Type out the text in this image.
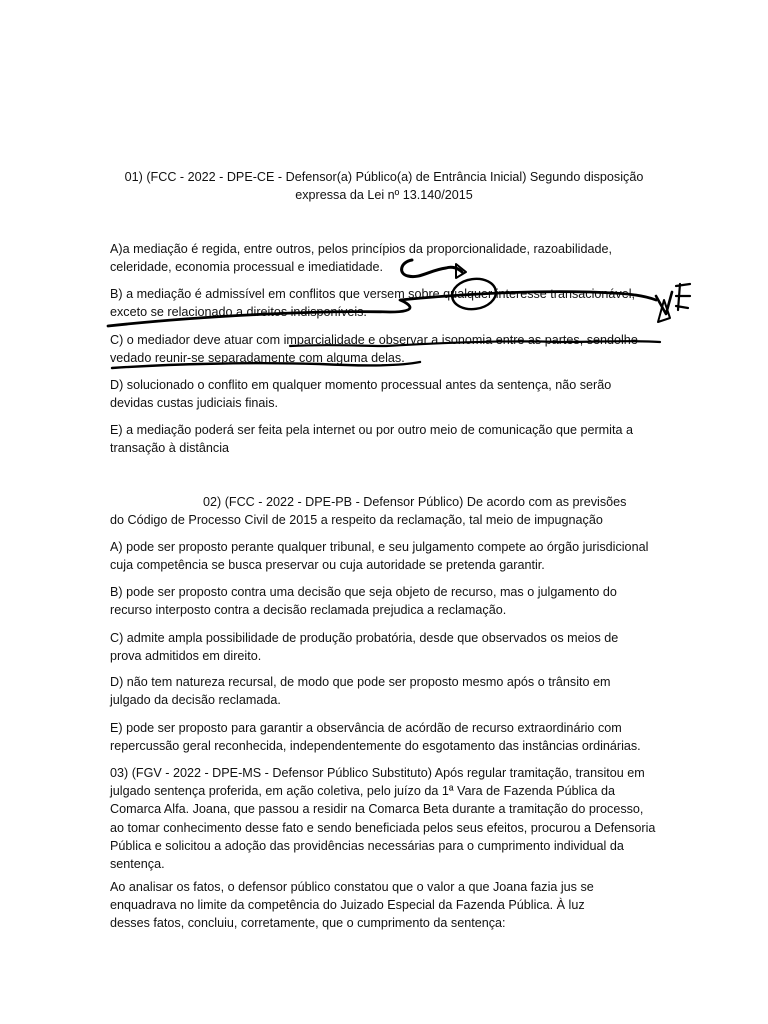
01) (FCC - 2022 - DPE-CE - Defensor(a) Público(a) de Entrância Inicial) Segundo disposição expressa da Lei nº 13.140/2015

A)a mediação é regida, entre outros, pelos princípios da proporcionalidade, razoabilidade, celeridade, economia processual e imediatidade.

B) a mediação é admissível em conflitos que versem sobre qualquer interesse transacionável, exceto se relacionado a direitos indisponíveis.

C) o mediador deve atuar com imparcialidade e observar a isonomia entre as partes, sendolhe vedado reunir-se separadamente com alguma delas.

D) solucionado o conflito em qualquer momento processual antes da sentença, não serão devidas custas judiciais finais.

E) a mediação poderá ser feita pela internet ou por outro meio de comunicação que permita a transação à distância

02) (FCC - 2022 - DPE-PB - Defensor Público) De acordo com as previsões do Código de Processo Civil de 2015 a respeito da reclamação, tal meio de impugnação

A) pode ser proposto perante qualquer tribunal, e seu julgamento compete ao órgão jurisdicional cuja competência se busca preservar ou cuja autoridade se pretenda garantir.

B) pode ser proposto contra uma decisão que seja objeto de recurso, mas o julgamento do recurso interposto contra a decisão reclamada prejudica a reclamação.

C) admite ampla possibilidade de produção probatória, desde que observados os meios de prova admitidos em direito.

D) não tem natureza recursal, de modo que pode ser proposto mesmo após o trânsito em julgado da decisão reclamada.

E) pode ser proposto para garantir a observância de acórdão de recurso extraordinário com repercussão geral reconhecida, independentemente do esgotamento das instâncias ordinárias.

03) (FGV - 2022 - DPE-MS - Defensor Público Substituto) Após regular tramitação, transitou em julgado sentença proferida, em ação coletiva, pelo juízo da 1ª Vara de Fazenda Pública da Comarca Alfa. Joana, que passou a residir na Comarca Beta durante a tramitação do processo, ao tomar conhecimento desse fato e sendo beneficiada pelos seus efeitos, procurou a Defensoria Pública e solicitou a adoção das providências necessárias para o cumprimento individual da sentença.

Ao analisar os fatos, o defensor público constatou que o valor a que Joana fazia jus se enquadrava no limite da competência do Juizado Especial da Fazenda Pública. À luz desses fatos, concluiu, corretamente, que o cumprimento da sentença:
